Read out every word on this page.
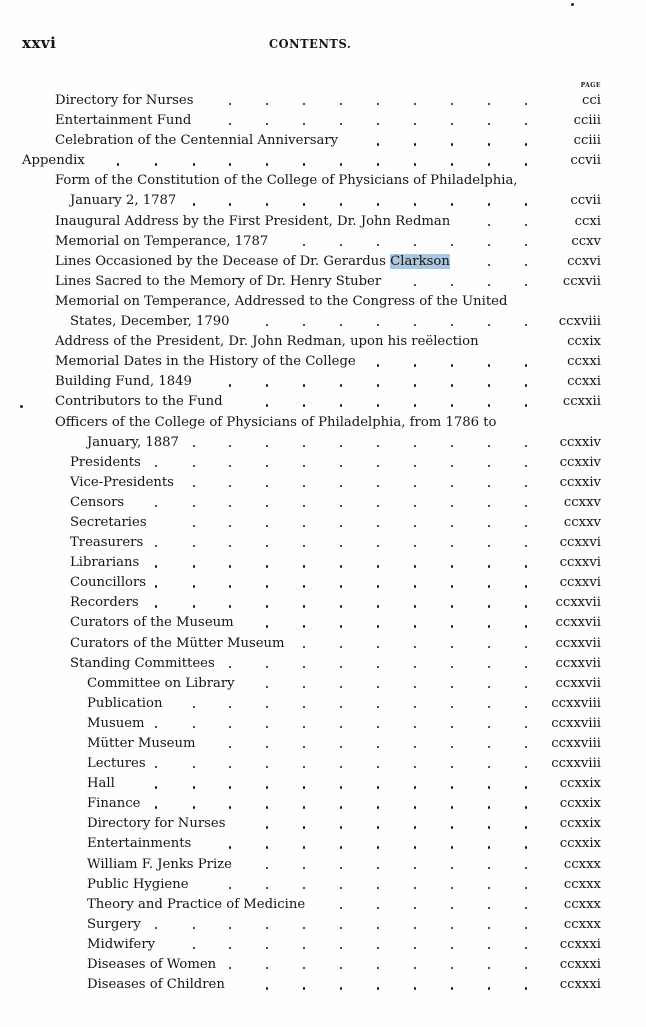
xxvi	CONTENTS.
PAGE
Directory for Nurses	cci
Entertainment Fund	cciii
Celebration of the Centennial Anniversary	cciii
Appendix	ccvii
Form of the Constitution of the College of Physicians of Philadelphia,
January 2, 1787	ccvii
Inaugural Address by the First President, Dr. John Redman	ccxi
Memorial on Temperance, 1787	ccxv
Lines Occasioned by the Decease of Dr. Gerardus Clarkson	ccxvi
Lines Sacred to the Memory of Dr. Henry Stuber	ccxvii
Memorial on Temperance, Addressed to the Congress of the United
States, December, 1790	ccxviii
Address of the President, Dr. John Redman, upon his reëlection	ccxix
Memorial Dates in the History of the College	ccxxi
Building Fund, 1849	ccxxi
Contributors to the Fund	ccxxii
Officers of the College of Physicians of Philadelphia, from 1786 to
January, 1887	ccxxiv
Presidents	ccxxiv
Vice-Presidents	ccxxiv
Censors	ccxxv
Secretaries	ccxxv
Treasurers	ccxxvi
Librarians	ccxxvi
Councillors	ccxxvi
Recorders	ccxxvii
Curators of the Museum	ccxxvii
Curators of the Mütter Museum	ccxxvii
Standing Committees	ccxxvii
Committee on Library	ccxxvii
Publication	ccxxviii
Musuem	ccxxviii
Mütter Museum	ccxxviii
Lectures	ccxxviii
Hall	ccxxix
Finance	ccxxix
Directory for Nurses	ccxxix
Entertainments	ccxxix
William F. Jenks Prize	ccxxx
Public Hygiene	ccxxx
Theory and Practice of Medicine	ccxxx
Surgery	ccxxx
Midwifery	ccxxxi
Diseases of Women	ccxxxi
Diseases of Children	ccxxxi
